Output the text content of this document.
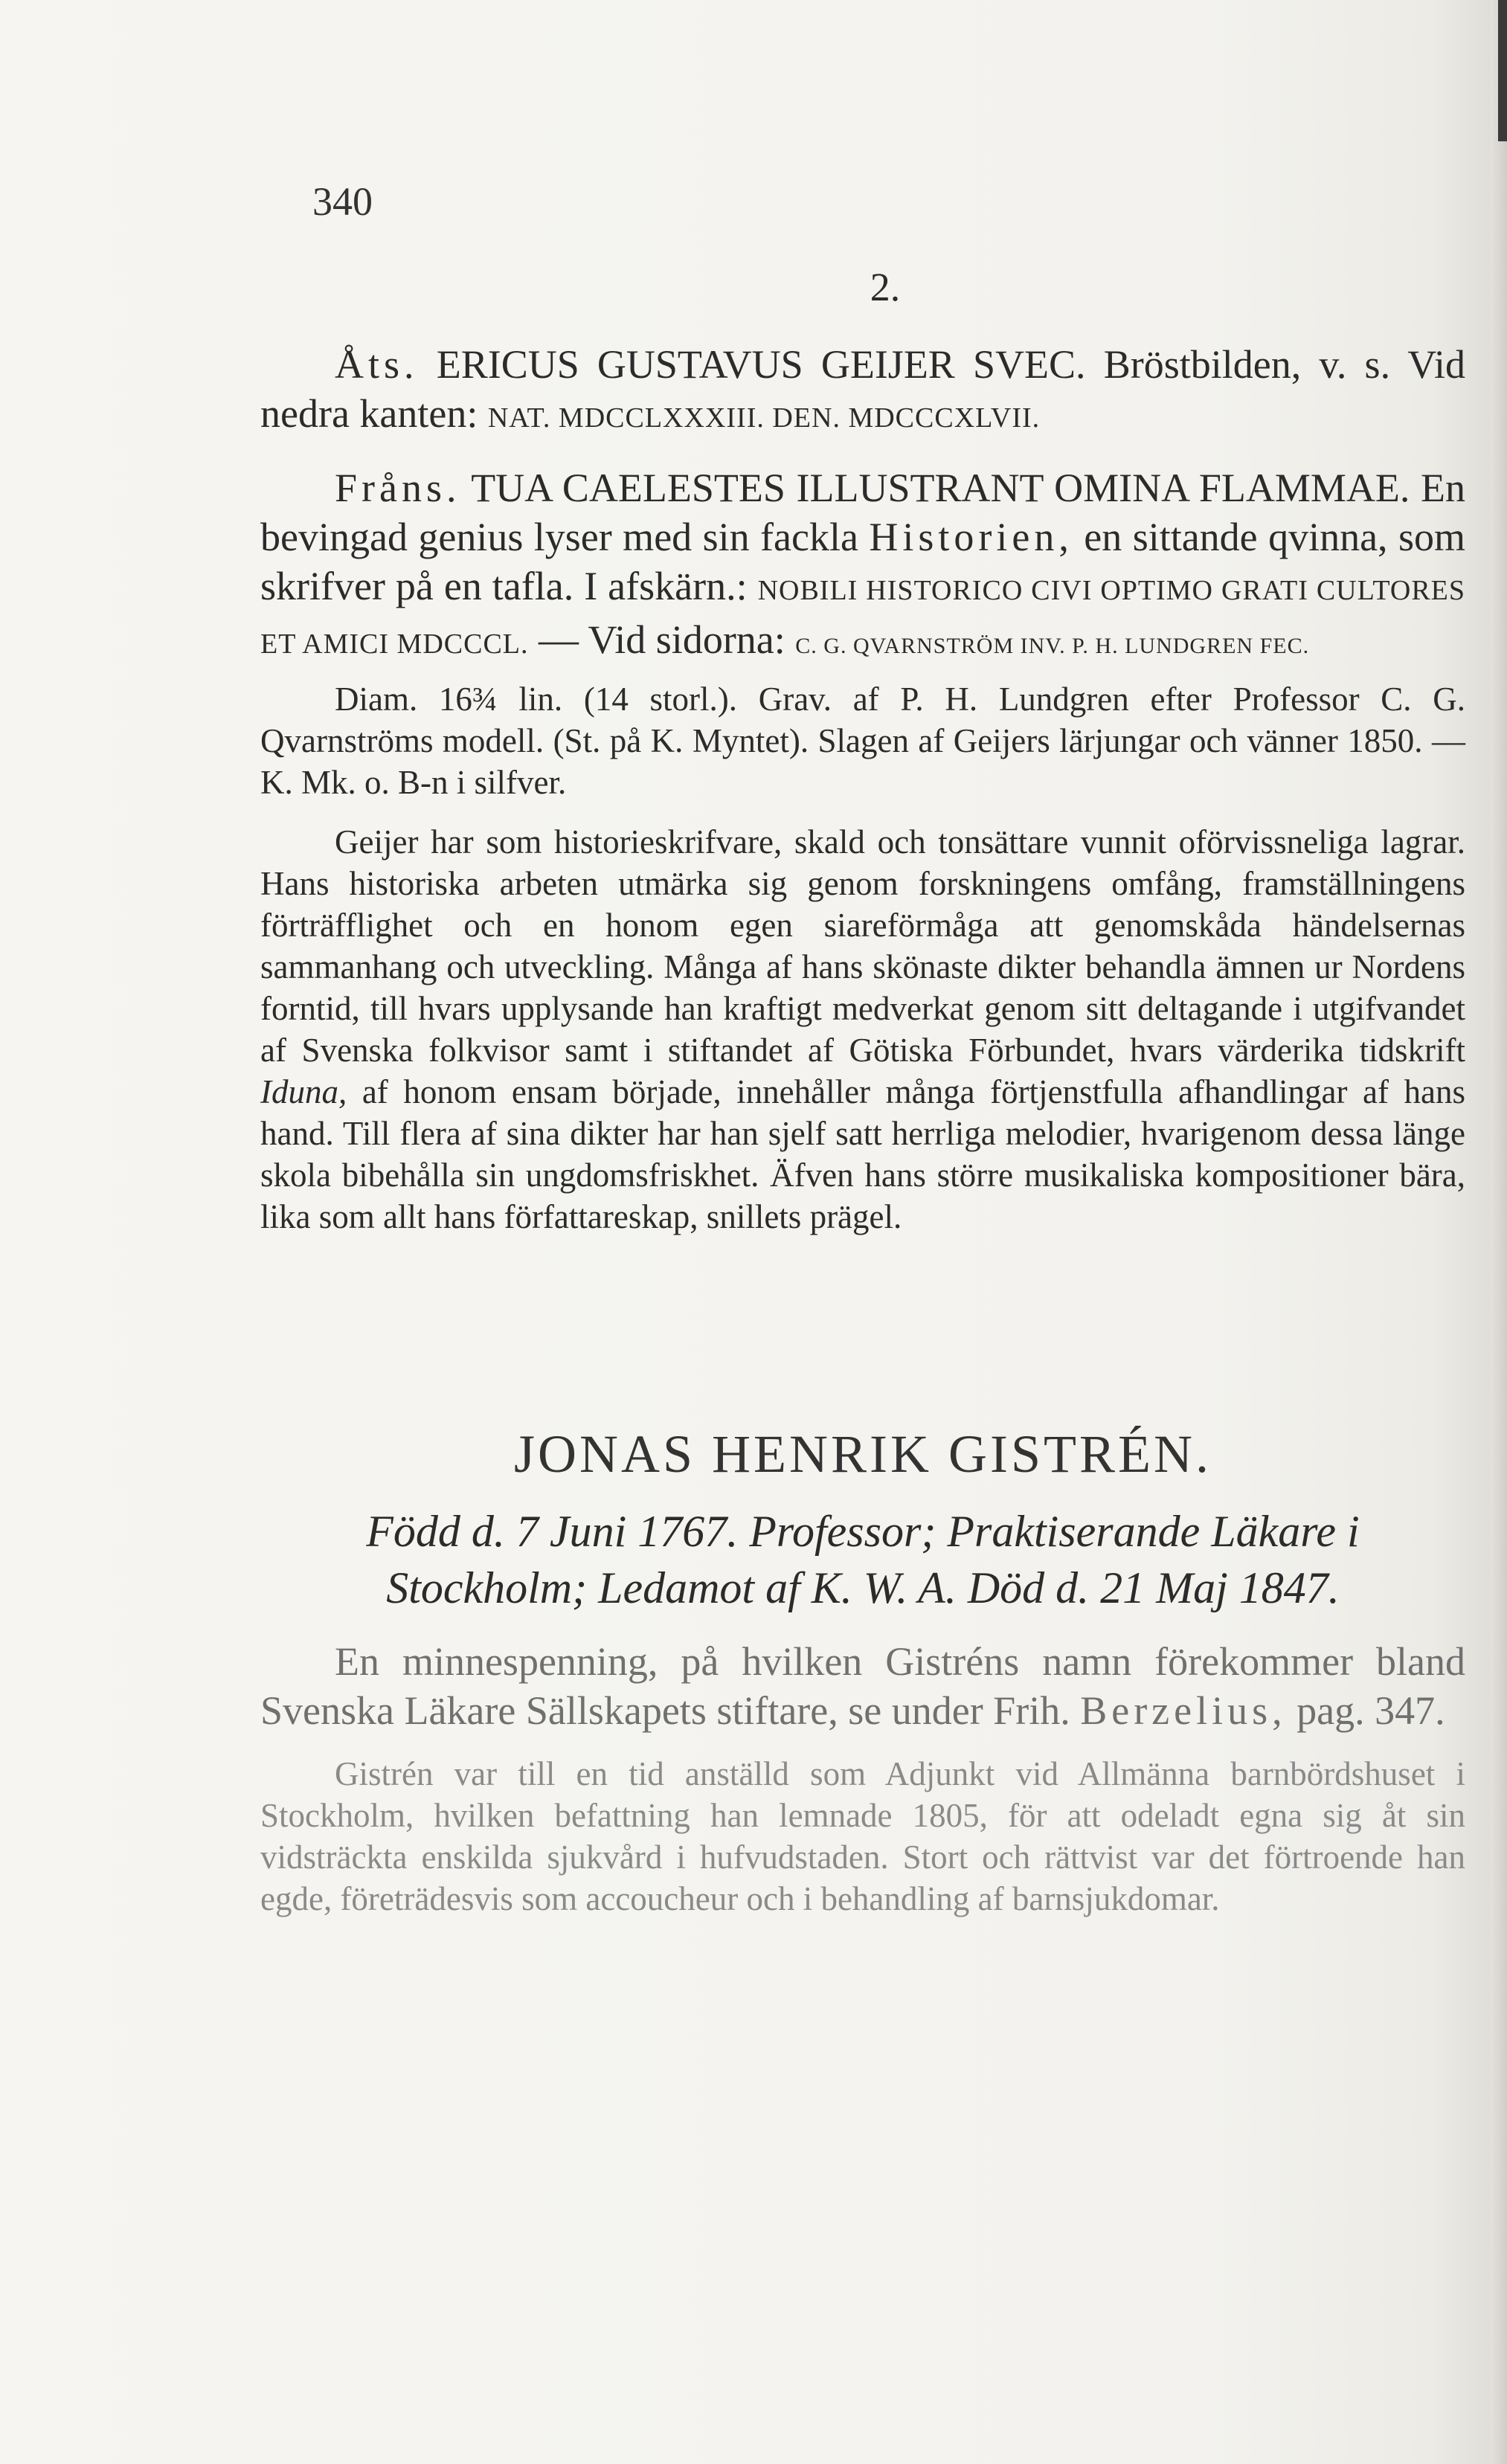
340
2.

Åts. ERICUS GUSTAVUS GEIJER SVEC. Bröstbilden, v. s. Vid nedra kanten: NAT. MDCCLXXXIII. DEN. MDCCCXLVII.

Fråns. TUA CAELESTES ILLUSTRANT OMINA FLAMMAE. En bevingad genius lyser med sin fackla Historien, en sittande qvinna, som skrifver på en tafla. I afskärn.: NOBILI HISTORICO CIVI OPTIMO GRATI CULTORES ET AMICI MDCCCL. — Vid sidorna: C. G. QVARNSTRÖM INV. P. H. LUNDGREN FEC.

Diam. 16¾ lin. (14 storl.). Grav. af P. H. Lundgren efter Professor C. G. Qvarnströms modell. (St. på K. Myntet). Slagen af Geijers lärjungar och vänner 1850. — K. Mk. o. B-n i silfver.

Geijer har som historieskrifvare, skald och tonsättare vunnit oförvissneliga lagrar. Hans historiska arbeten utmärka sig genom forskningens omfång, framställningens förträfflighet och en honom egen siareförmåga att genomskåda händelsernas sammanhang och utveckling. Många af hans skönaste dikter behandla ämnen ur Nordens forntid, till hvars upplysande han kraftigt medverkat genom sitt deltagande i utgifvandet af Svenska folkvisor samt i stiftandet af Götiska Förbundet, hvars värderika tidskrift Iduna, af honom ensam började, innehåller många förtjenstfulla afhandlingar af hans hand. Till flera af sina dikter har han sjelf satt herrliga melodier, hvarigenom dessa länge skola bibehålla sin ungdomsfriskhet. Äfven hans större musikaliska kompositioner bära, lika som allt hans författareskap, snillets prägel.

JONAS HENRIK GISTRÉN.
Född d. 7 Juni 1767. Professor; Praktiserande Läkare i Stockholm; Ledamot af K. W. A. Död d. 21 Maj 1847.

En minnespenning, på hvilken Gistréns namn förekommer bland Svenska Läkare Sällskapets stiftare, se under Frih. Berzelius, pag. 347.

Gistrén var till en tid anställd som Adjunkt vid Allmänna barnbördshuset i Stockholm, hvilken befattning han lemnade 1805, för att odeladt egna sig åt sin vidsträckta enskilda sjukvård i hufvudstaden. Stort och rättvist var det förtroende han egde, företrädesvis som accoucheur och i behandling af barnsjukdomar.
